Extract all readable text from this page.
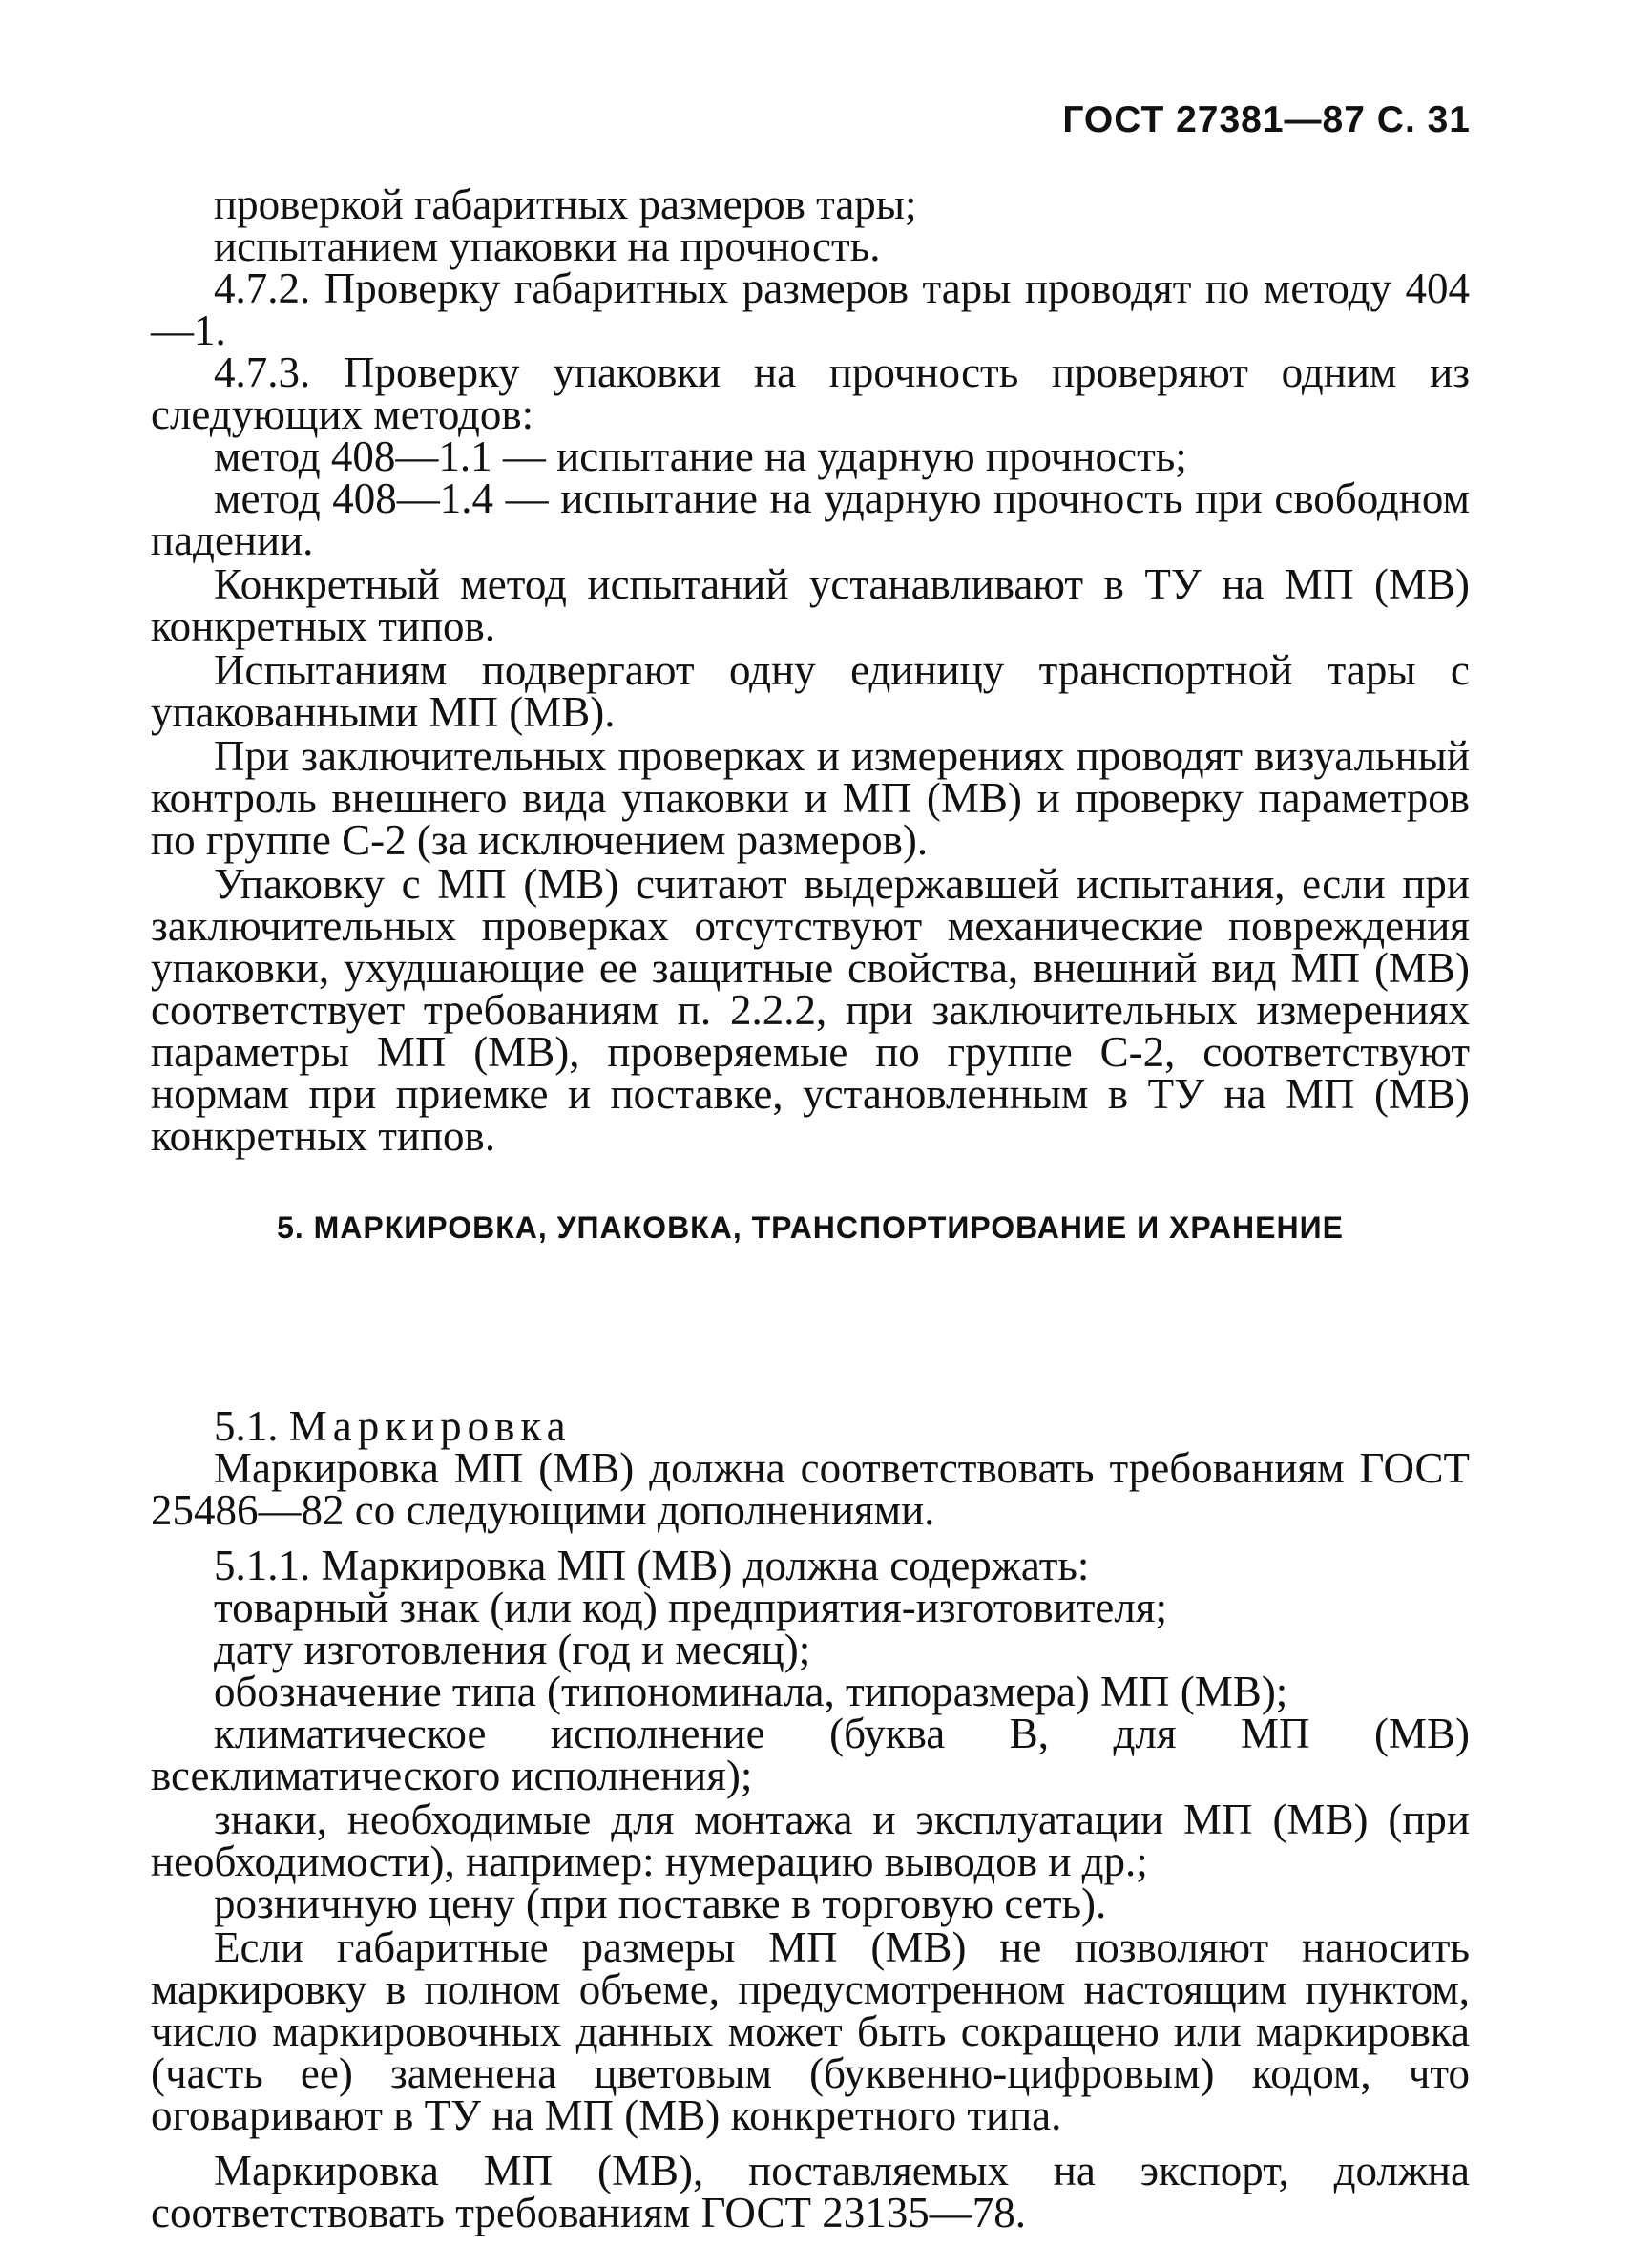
ГОСТ 27381—87 С. 31

проверкой габаритных размеров тары;

испытанием упаковки на прочность.

4.7.2. Проверку габаритных размеров тары проводят по методу 404—1.

4.7.3. Проверку упаковки на прочность проверяют одним из следующих методов:

метод 408—1.1 — испытание на ударную прочность;

метод 408—1.4 — испытание на ударную прочность при свободном падении.

Конкретный метод испытаний устанавливают в ТУ на МП (МВ) конкретных типов.

Испытаниям подвергают одну единицу транспортной тары с упакованными МП (МВ).

При заключительных проверках и измерениях проводят визуальный контроль внешнего вида упаковки и МП (МВ) и проверку параметров по группе С-2 (за исключением размеров).

Упаковку с МП (МВ) считают выдержавшей испытания, если при заключительных проверках отсутствуют механические повреждения упаковки, ухудшающие ее защитные свойства, внешний вид МП (МВ) соответствует требованиям п. 2.2.2, при заключительных измерениях параметры МП (МВ), проверяемые по группе С-2, соответствуют нормам при приемке и поставке, установленным в ТУ на МП (МВ) конкретных типов.

5. МАРКИРОВКА, УПАКОВКА, ТРАНСПОРТИРОВАНИЕ И ХРАНЕНИЕ

5.1. Маркировка

Маркировка МП (МВ) должна соответствовать требованиям ГОСТ 25486—82 со следующими дополнениями.

5.1.1. Маркировка МП (МВ) должна содержать:

товарный знак (или код) предприятия-изготовителя;

дату изготовления (год и месяц);

обозначение типа (типономинала, типоразмера) МП (МВ);

климатическое исполнение (буква В, для МП (МВ) всеклиматического исполнения);

знаки, необходимые для монтажа и эксплуатации МП (МВ) (при необходимости), например: нумерацию выводов и др.;

розничную цену (при поставке в торговую сеть).

Если габаритные размеры МП (МВ) не позволяют наносить маркировку в полном объеме, предусмотренном настоящим пунктом, число маркировочных данных может быть сокращено или маркировка (часть ее) заменена цветовым (буквенно-цифровым) кодом, что оговаривают в ТУ на МП (МВ) конкретного типа.

Маркировка МП (МВ), поставляемых на экспорт, должна соответствовать требованиям ГОСТ 23135—78.
